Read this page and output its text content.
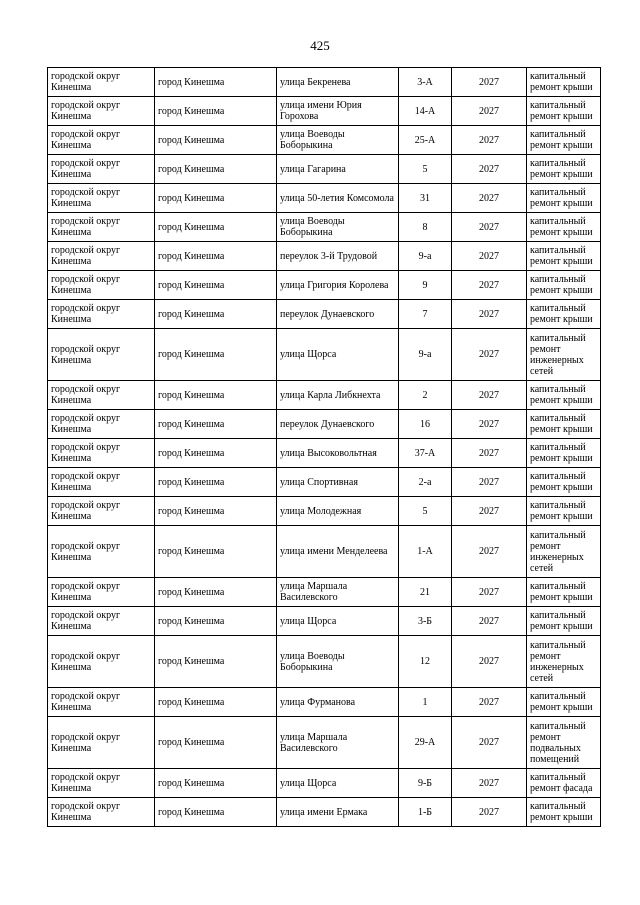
425
городской округ Кинешма	город Кинешма	улица Бекренева	3-А	2027	капитальный ремонт крыши
городской округ Кинешма	город Кинешма	улица имени Юрия Горохова	14-А	2027	капитальный ремонт крыши
городской округ Кинешма	город Кинешма	улица Воеводы Боборыкина	25-А	2027	капитальный ремонт крыши
городской округ Кинешма	город Кинешма	улица Гагарина	5	2027	капитальный ремонт крыши
городской округ Кинешма	город Кинешма	улица 50-летия Комсомола	31	2027	капитальный ремонт крыши
городской округ Кинешма	город Кинешма	улица Воеводы Боборыкина	8	2027	капитальный ремонт крыши
городской округ Кинешма	город Кинешма	переулок 3-й Трудовой	9-а	2027	капитальный ремонт крыши
городской округ Кинешма	город Кинешма	улица Григория Королева	9	2027	капитальный ремонт крыши
городской округ Кинешма	город Кинешма	переулок Дунаевского	7	2027	капитальный ремонт крыши
городской округ Кинешма	город Кинешма	улица Щорса	9-а	2027	капитальный ремонт инженерных сетей
городской округ Кинешма	город Кинешма	улица Карла Либкнехта	2	2027	капитальный ремонт крыши
городской округ Кинешма	город Кинешма	переулок Дунаевского	16	2027	капитальный ремонт крыши
городской округ Кинешма	город Кинешма	улица Высоковольтная	37-А	2027	капитальный ремонт крыши
городской округ Кинешма	город Кинешма	улица Спортивная	2-а	2027	капитальный ремонт крыши
городской округ Кинешма	город Кинешма	улица Молодежная	5	2027	капитальный ремонт крыши
городской округ Кинешма	город Кинешма	улица имени Менделеева	1-А	2027	капитальный ремонт инженерных сетей
городской округ Кинешма	город Кинешма	улица Маршала Василевского	21	2027	капитальный ремонт крыши
городской округ Кинешма	город Кинешма	улица Щорса	3-Б	2027	капитальный ремонт крыши
городской округ Кинешма	город Кинешма	улица Воеводы Боборыкина	12	2027	капитальный ремонт инженерных сетей
городской округ Кинешма	город Кинешма	улица Фурманова	1	2027	капитальный ремонт крыши
городской округ Кинешма	город Кинешма	улица Маршала Василевского	29-А	2027	капитальный ремонт подвальных помещений
городской округ Кинешма	город Кинешма	улица Щорса	9-Б	2027	капитальный ремонт фасада
городской округ Кинешма	город Кинешма	улица имени Ермака	1-Б	2027	капитальный ремонт крыши
